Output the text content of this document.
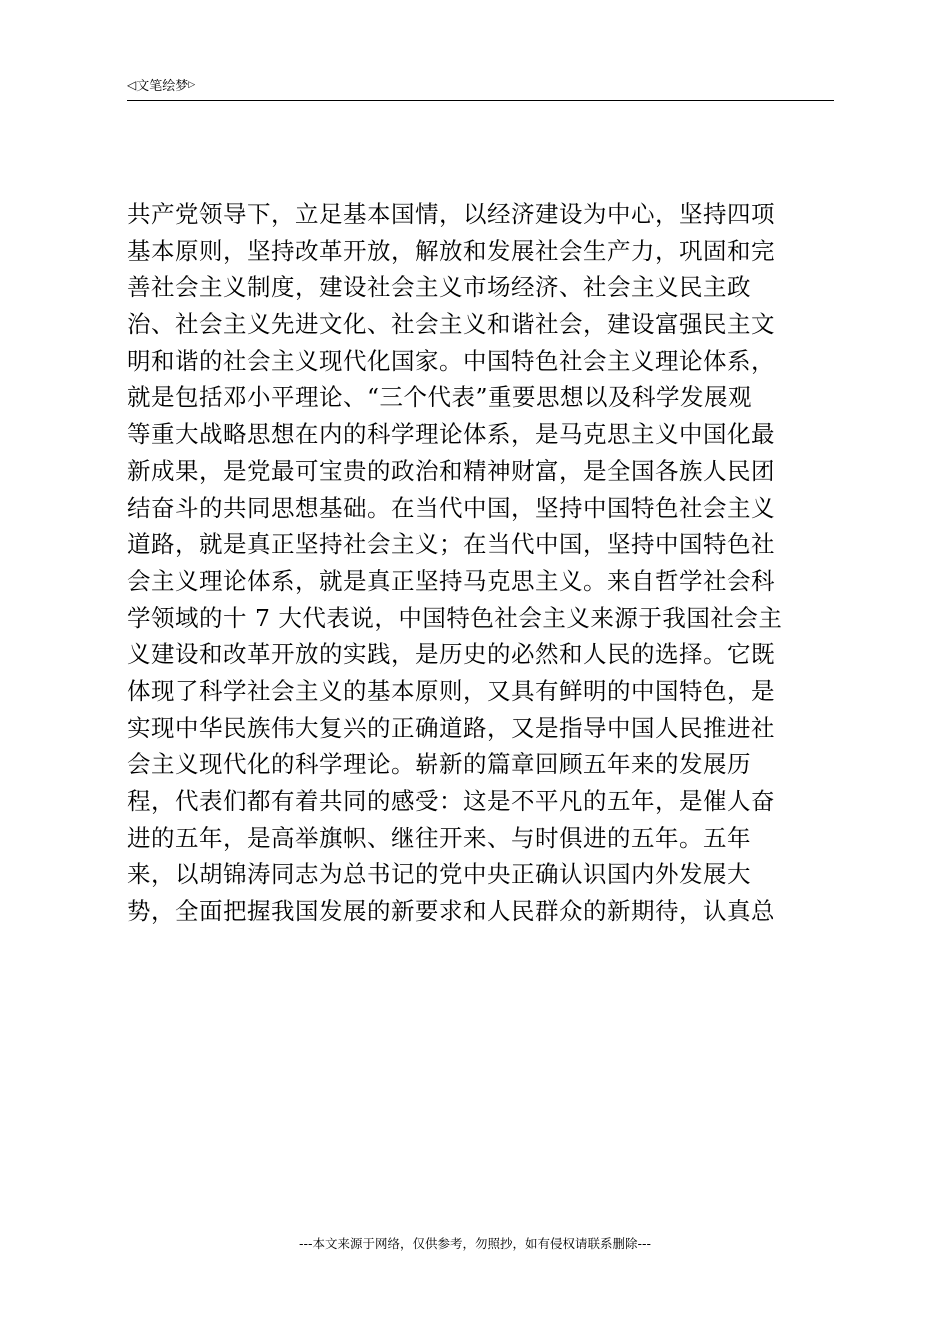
◁文笔绘梦▷
共产党领导下，立足基本国情，以经济建设为中心，坚持四项
基本原则，坚持改革开放，解放和发展社会生产力，巩固和完
善社会主义制度，建设社会主义市场经济、社会主义民主政
治、社会主义先进文化、社会主义和谐社会，建设富强民主文
明和谐的社会主义现代化国家。中国特色社会主义理论体系，
就是包括邓小平理论、“三个代表”重要思想以及科学发展观
等重大战略思想在内的科学理论体系，是马克思主义中国化最
新成果，是党最可宝贵的政治和精神财富，是全国各族人民团
结奋斗的共同思想基础。在当代中国，坚持中国特色社会主义
道路，就是真正坚持社会主义；在当代中国，坚持中国特色社
会主义理论体系，就是真正坚持马克思主义。来自哲学社会科
学领域的十 7 大代表说，中国特色社会主义来源于我国社会主
义建设和改革开放的实践，是历史的必然和人民的选择。它既
体现了科学社会主义的基本原则，又具有鲜明的中国特色，是
实现中华民族伟大复兴的正确道路，又是指导中国人民推进社
会主义现代化的科学理论。崭新的篇章回顾五年来的发展历
程，代表们都有着共同的感受：这是不平凡的五年，是催人奋
进的五年，是高举旗帜、继往开来、与时俱进的五年。五年
来，以胡锦涛同志为总书记的党中央正确认识国内外发展大
势，全面把握我国发展的新要求和人民群众的新期待，认真总
---本文来源于网络，仅供参考，勿照抄，如有侵权请联系删除---
